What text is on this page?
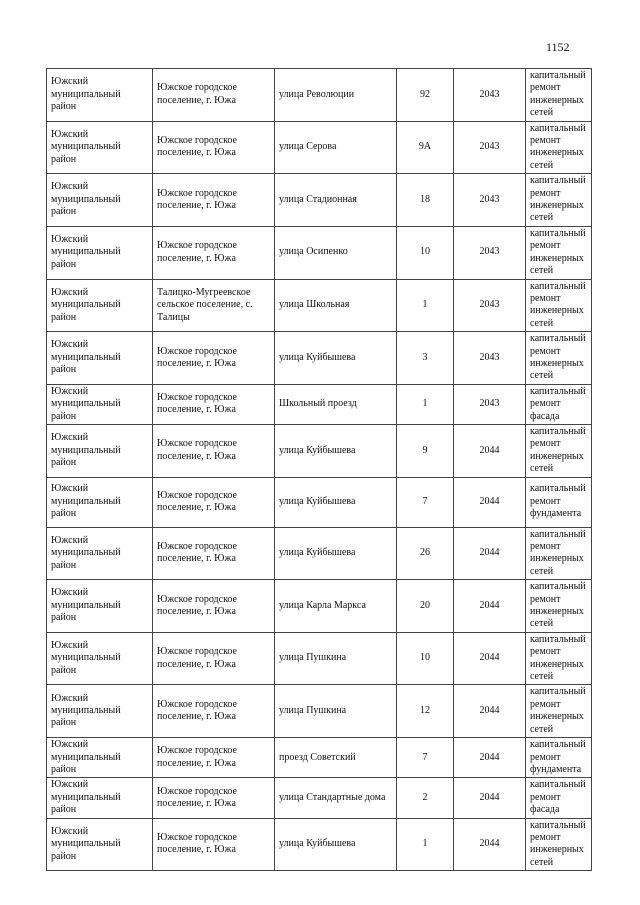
1152
Южский муниципальный район	Южское городское поселение, г. Южа	улица Революции	92	2043	капитальный ремонт инженерных сетей
Южский муниципальный район	Южское городское поселение, г. Южа	улица Серова	9А	2043	капитальный ремонт инженерных сетей
Южский муниципальный район	Южское городское поселение, г. Южа	улица Стадионная	18	2043	капитальный ремонт инженерных сетей
Южский муниципальный район	Южское городское поселение, г. Южа	улица Осипенко	10	2043	капитальный ремонт инженерных сетей
Южский муниципальный район	Талицко-Мугреевское сельское поселение, с. Талицы	улица Школьная	1	2043	капитальный ремонт инженерных сетей
Южский муниципальный район	Южское городское поселение, г. Южа	улица Куйбышева	3	2043	капитальный ремонт инженерных сетей
Южский муниципальный район	Южское городское поселение, г. Южа	Школьный проезд	1	2043	капитальный ремонт фасада
Южский муниципальный район	Южское городское поселение, г. Южа	улица Куйбышева	9	2044	капитальный ремонт инженерных сетей
Южский муниципальный район	Южское городское поселение, г. Южа	улица Куйбышева	7	2044	капитальный ремонт фундамента
Южский муниципальный район	Южское городское поселение, г. Южа	улица Куйбышева	26	2044	капитальный ремонт инженерных сетей
Южский муниципальный район	Южское городское поселение, г. Южа	улица Карла Маркса	20	2044	капитальный ремонт инженерных сетей
Южский муниципальный район	Южское городское поселение, г. Южа	улица Пушкина	10	2044	капитальный ремонт инженерных сетей
Южский муниципальный район	Южское городское поселение, г. Южа	улица Пушкина	12	2044	капитальный ремонт инженерных сетей
Южский муниципальный район	Южское городское поселение, г. Южа	проезд Советский	7	2044	капитальный ремонт фундамента
Южский муниципальный район	Южское городское поселение, г. Южа	улица Стандартные дома	2	2044	капитальный ремонт фасада
Южский муниципальный район	Южское городское поселение, г. Южа	улица Куйбышева	1	2044	капитальный ремонт инженерных сетей
